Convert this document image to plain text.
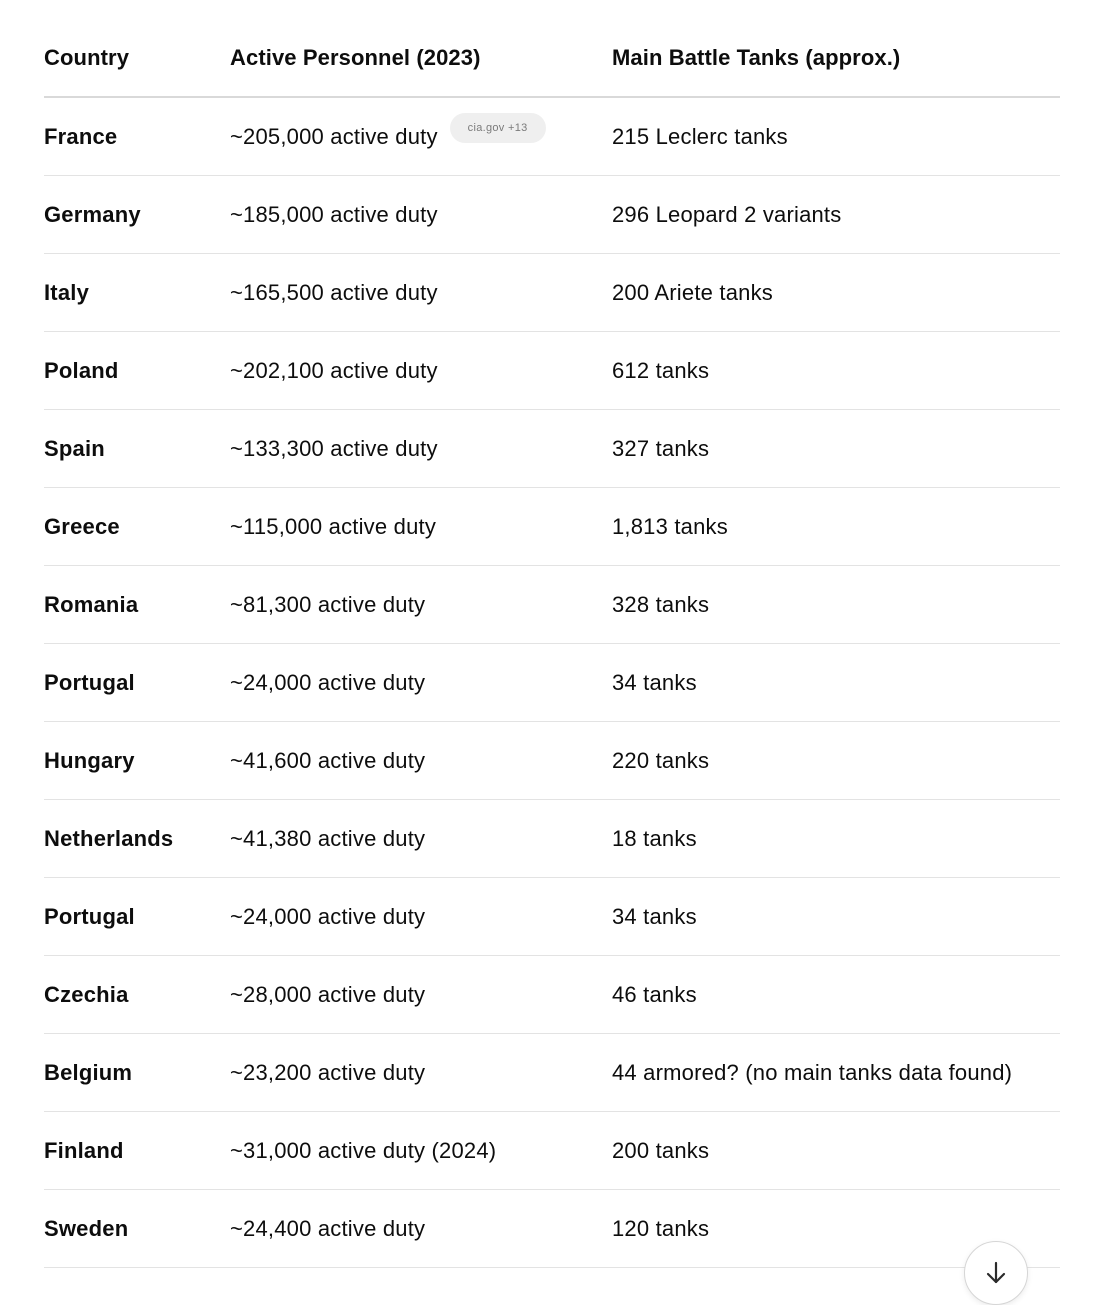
Country	Active Personnel (2023)	Main Battle Tanks (approx.)
France	~205,000 active duty cia.gov +13	215 Leclerc tanks
Germany	~185,000 active duty	296 Leopard 2 variants
Italy	~165,500 active duty	200 Ariete tanks
Poland	~202,100 active duty	612 tanks
Spain	~133,300 active duty	327 tanks
Greece	~115,000 active duty	1,813 tanks
Romania	~81,300 active duty	328 tanks
Portugal	~24,000 active duty	34 tanks
Hungary	~41,600 active duty	220 tanks
Netherlands	~41,380 active duty	18 tanks
Portugal	~24,000 active duty	34 tanks
Czechia	~28,000 active duty	46 tanks
Belgium	~23,200 active duty	44 armored? (no main tanks data found)
Finland	~31,000 active duty (2024)	200 tanks
Sweden	~24,400 active duty	120 tanks
